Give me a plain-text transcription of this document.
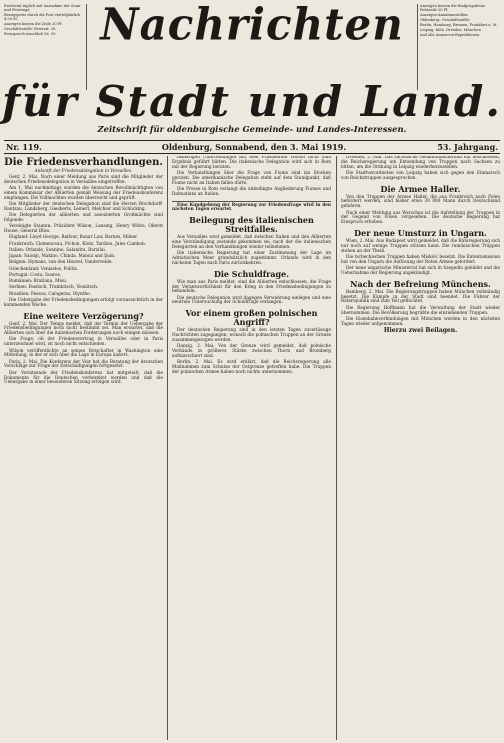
Erscheint täglich mit Ausnahme der Sonn- und Feiertage.

Bezugspreis durch die Post vierteljährlich 4.50 M.

Anzeigen kosten die Zeile 20 Pf.

Geschäftsstelle: Peterstr. 28.

Fernsprech-Anschluß Nr. 59.	Nachrichten	Anzeigen kosten die fünfgespaltene Petitzeile 20 Pf.

Anzeigen-Annahmestellen:

Oldenburg: Geschäftsstelle

Berlin, Hamburg, Bremen, Frankfurt a. M.

Leipzig, Köln, Dresden, München

und alle Annoncen-Expeditionen.

für Stadt und Land.
Zeitschrift für oldenburgische Gemeinde- und Landes-Interessen.
Nr. 119.	Oldenburg, Sonnabend, den 3. Mai 1919.	53. Jahrgang.
Die Friedensverhandlungen.

Ankunft der Friedensdelegation in Versailles.

Genf, 2. Mai. Nach einer Meldung aus Paris sind die Mitglieder der deutschen Friedensdelegation in Versailles eingetroffen.

Am 1. Mai nachmittags wurden die deutschen Bevollmächtigten von einem Kommissar der Alliierten gemäß Weisung der Friedenskonferenz empfangen. Die Vollmachten wurden überreicht und geprüft.

Die Mitglieder der deutschen Delegation sind die Herren Brockdorff-Rantzau, Landsberg, Giesberts, Leinert, Melchior und Schücking.

Die Delegierten der alliierten und assoziierten Großmächte sind folgende:

Vereinigte Staaten: Präsident Wilson, Lansing, Henry White, Oberst House, General Bliss.

England: Lloyd George, Balfour, Bonar Law, Barnes, Milner.

Frankreich: Clemenceau, Pichon, Klotz, Tardieu, Jules Cambon.

Italien: Orlando, Sonnino, Salandra, Barzilai.

Japan: Saionji, Makino, Chinda, Matsui und Ijuin.

Belgien: Hymans, van den Heuvel, Vandervelde.

Griechenland: Venizelos, Politis.

Portugal: Costa, Soares.

Rumänien: Bratianu, Misu.

Serbien: Pasitsch, Trumbitsch, Vesnitsch.

Brasilien: Pessoa, Calogeras, Olyntho.

Die Uebergabe der Friedensbedingungen erfolgt voraussichtlich in der kommenden Woche.

Eine weitere Verzögerung?

Genf, 2. Mai. Der Temps meldet, daß der Termin der Uebergabe der Friedensbedingungen noch nicht bestimmt sei. Man erwartet, daß die Alliierten sich über die italienischen Forderungen noch einigen müssen.

Die Frage, ob der Friedensvertrag in Versailles oder in Paris unterzeichnet wird, ist noch nicht entschieden.

Wilson veröffentlichte an seinen Botschafter in Washington eine Mitteilung, in der er sich über die Lage in Europa äußert.

Paris, 2. Mai. Die Konferenz der Vier hat die Beratung der deutschen Vorschläge zur Frage der Entschädigungen fortgesetzt.

Der Vorsitzende der Friedenskonferenz hat mitgeteilt, daß die Dokumente für die Deutschen vorbereitet werden und daß die Uebergabe in einer besonderen Sitzung erfolgen wird.

bisherigen Unterredungen mit dem Präsidenten Wilson nicht zum Ergebnis geführt hätten. Die italienische Delegation wird sich in Rom mit der Regierung beraten.

Die Verhandlungen über die Frage von Fiume sind ins Stocken geraten. Die amerikanische Delegation steht auf dem Standpunkt, daß Fiume nicht an Italien fallen dürfe.

Die Presse in Rom verlangt die unbedingte Angliederung Fiumes und Dalmatiens an Italien.

Eine Kundgebung der Regierung zur Friedensfrage wird in den nächsten Tagen erwartet.

Beilegung des italienischen Streitfalles.

Aus Versailles wird gemeldet, daß zwischen Italien und den Alliierten eine Verständigung zustande gekommen sei, nach der die italienischen Delegierten an den Verhandlungen wieder teilnehmen.

Die italienische Regierung hat einer Zustimmung der Lage im Adriatischen Meer grundsätzlich zugestimmt. Orlando wird in den nächsten Tagen nach Paris zurückkehren.

Die Schuldfrage.

Wie man aus Paris meldet, sind die Alliierten entschlossen, die Frage der Verantwortlichkeit für den Krieg in den Friedensbedingungen zu behandeln.

Die deutsche Delegation wird dagegen Verwahrung einlegen und eine neutrale Untersuchung der Schuldfrage verlangen.

Vor einem großen polnischen Angriff?

Der deutschen Regierung sind in den letzten Tagen zuverlässige Nachrichten zugegangen, wonach die polnischen Truppen an der Grenze zusammengezogen werden.

Danzig, 2. Mai. Von der Grenze wird gemeldet, daß polnische Verbände in größerer Stärke zwischen Thorn und Bromberg aufmarschiert sind.

Berlin, 2. Mai. Es wird erklärt, daß die Reichsregierung alle Maßnahmen zum Schutze der Ostgrenze getroffen habe. Die Truppen der polnischen Armee haben noch nichts unternommen.

Dresden, 2. Mai. Das sächsische Gesamtministerium hat beschlossen, die Reichsregierung um Entsendung von Truppen nach Sachsen zu bitten, um die Ordnung in Leipzig wiederherzustellen.

Die Stadtverordneten von Leipzig haben sich gegen den Einmarsch von Reichstruppen ausgesprochen.

Die Armee Haller.

Von den Truppen der Armee Haller, die aus Frankreich nach Polen befördert werden, sind bisher etwa 30 000 Mann durch Deutschland gefahren.

Nach einer Meldung aus Warschau ist die Aufstellung der Truppen in der Gegend von Posen vorgesehen. Die deutsche Regierung hat Einspruch erhoben.

Der neue Umsturz in Ungarn.

Wien, 2. Mai. Aus Budapest wird gemeldet, daß die Räteregierung sich nur noch auf wenige Truppen stützen kann. Die rumänischen Truppen stehen an der Theiß.

Die tschechischen Truppen haben Miskolc besetzt. Die Ententemission hat von den Ungarn die Auflösung der Roten Armee gefordert.

Der neue ungarische Ministerrat hat sich in Szegedin gebildet und die Uebernahme der Regierung angekündigt.

Nach der Befreiung Münchens.

Bamberg, 2. Mai. Die Regierungstruppen haben München vollständig besetzt. Die Kämpfe in der Stadt sind beendet. Die Führer der Räterepublik sind zum Teil geflüchtet.

Die Regierung Hoffmann hat die Verwaltung der Stadt wieder übernommen. Die Bevölkerung begrüßte die einziehenden Truppen.

Die Eisenbahnverbindungen mit München werden in den nächsten Tagen wieder aufgenommen.

Hierzu zwei Beilagen.
